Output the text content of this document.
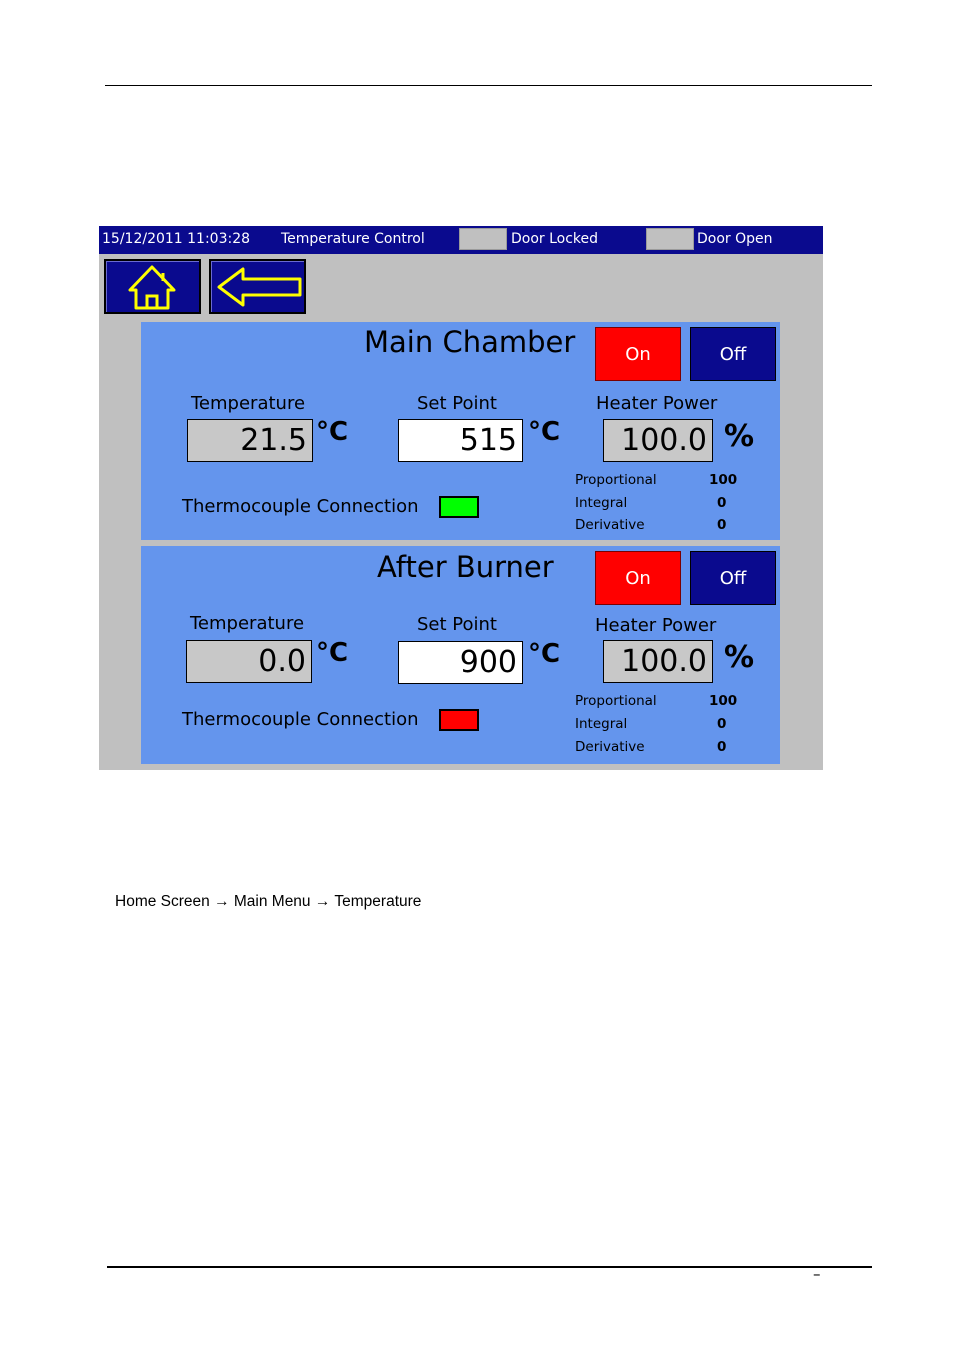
15/12/2011 11:03:28 Temperature Control	Door Locked	Door Open
Main Chamber	On	Off
Temperature
21.5 °C
Set Point
515 °C
Heater Power
100.0 %
Thermocouple Connection
Proportional	100
Integral	0
Derivative	0
After Burner	On	Off
Temperature
0.0 °C
Set Point
900 °C
Heater Power
100.0 %
Thermocouple Connection
Proportional	100
Integral	0
Derivative	0
Home Screen → Main Menu → Temperature
–
